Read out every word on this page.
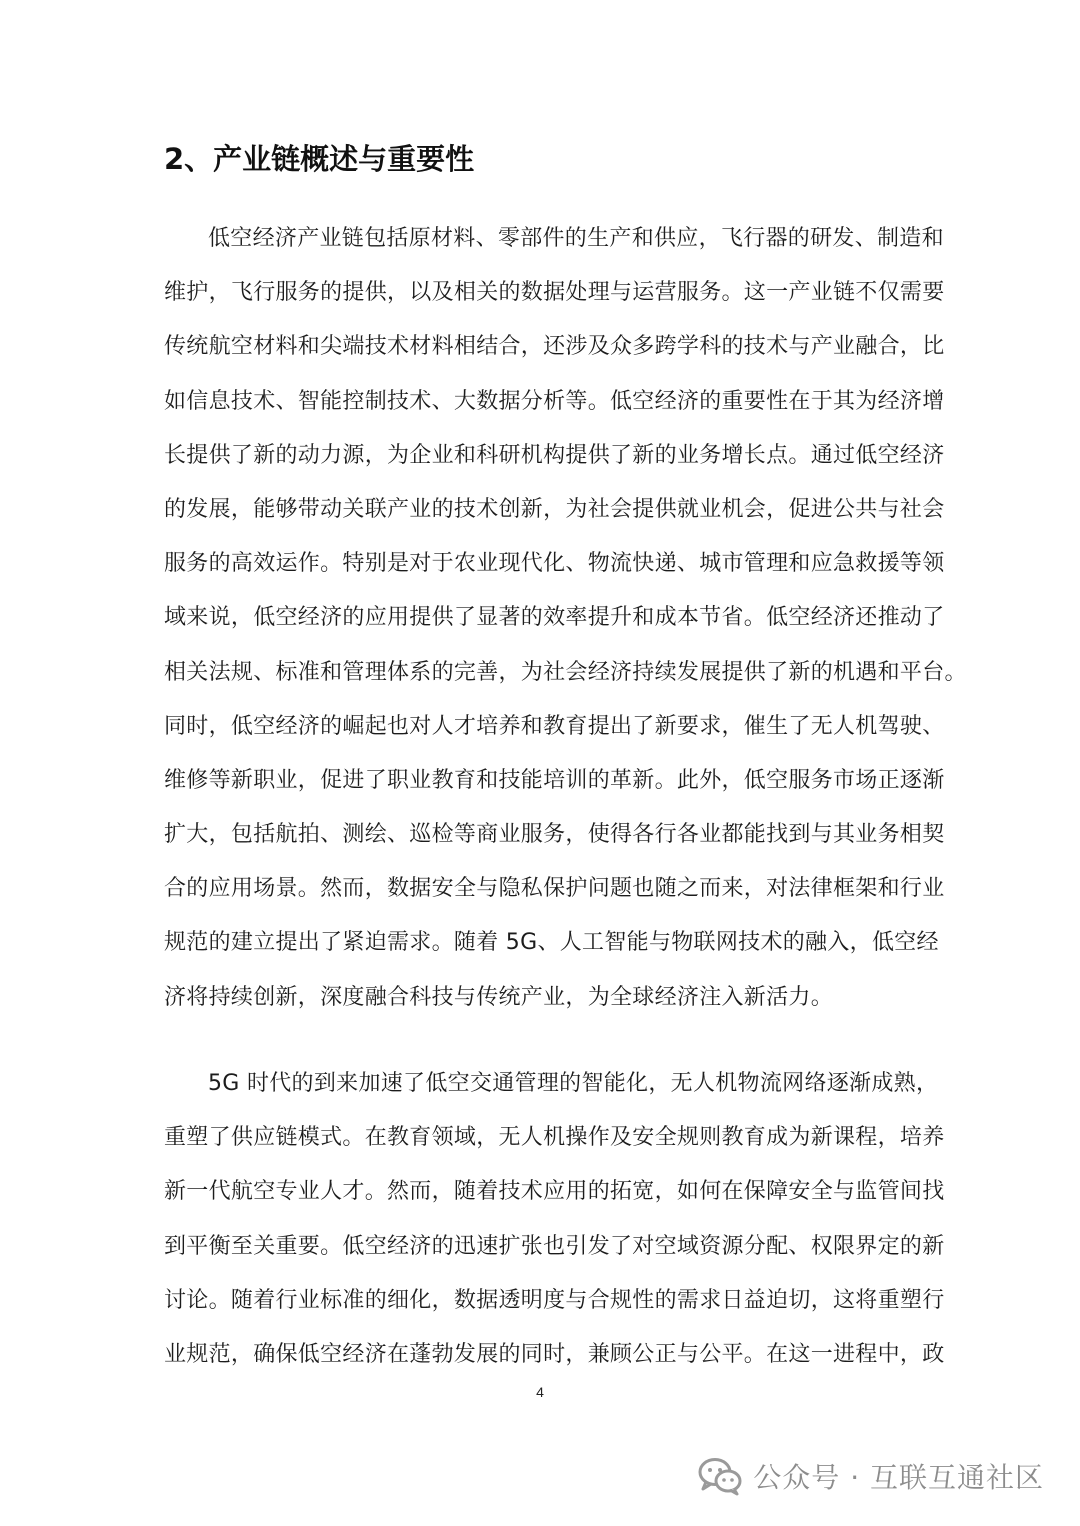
2、产业链概述与重要性
低空经济产业链包括原材料、零部件的生产和供应，飞行器的研发、制造和
维护，飞行服务的提供，以及相关的数据处理与运营服务。这一产业链不仅需要
传统航空材料和尖端技术材料相结合，还涉及众多跨学科的技术与产业融合，比
如信息技术、智能控制技术、大数据分析等。低空经济的重要性在于其为经济增
长提供了新的动力源，为企业和科研机构提供了新的业务增长点。通过低空经济
的发展，能够带动关联产业的技术创新，为社会提供就业机会，促进公共与社会
服务的高效运作。特别是对于农业现代化、物流快递、城市管理和应急救援等领
域来说，低空经济的应用提供了显著的效率提升和成本节省。低空经济还推动了
相关法规、标准和管理体系的完善，为社会经济持续发展提供了新的机遇和平台。
同时，低空经济的崛起也对人才培养和教育提出了新要求，催生了无人机驾驶、
维修等新职业，促进了职业教育和技能培训的革新。此外，低空服务市场正逐渐
扩大，包括航拍、测绘、巡检等商业服务，使得各行各业都能找到与其业务相契
合的应用场景。然而，数据安全与隐私保护问题也随之而来，对法律框架和行业
规范的建立提出了紧迫需求。随着 5G、人工智能与物联网技术的融入，低空经
济将持续创新，深度融合科技与传统产业，为全球经济注入新活力。
5G 时代的到来加速了低空交通管理的智能化，无人机物流网络逐渐成熟，
重塑了供应链模式。在教育领域，无人机操作及安全规则教育成为新课程，培养
新一代航空专业人才。然而，随着技术应用的拓宽，如何在保障安全与监管间找
到平衡至关重要。低空经济的迅速扩张也引发了对空域资源分配、权限界定的新
讨论。随着行业标准的细化，数据透明度与合规性的需求日益迫切，这将重塑行
业规范，确保低空经济在蓬勃发展的同时，兼顾公正与公平。在这一进程中，政
4
公众号 · 互联互通社区
